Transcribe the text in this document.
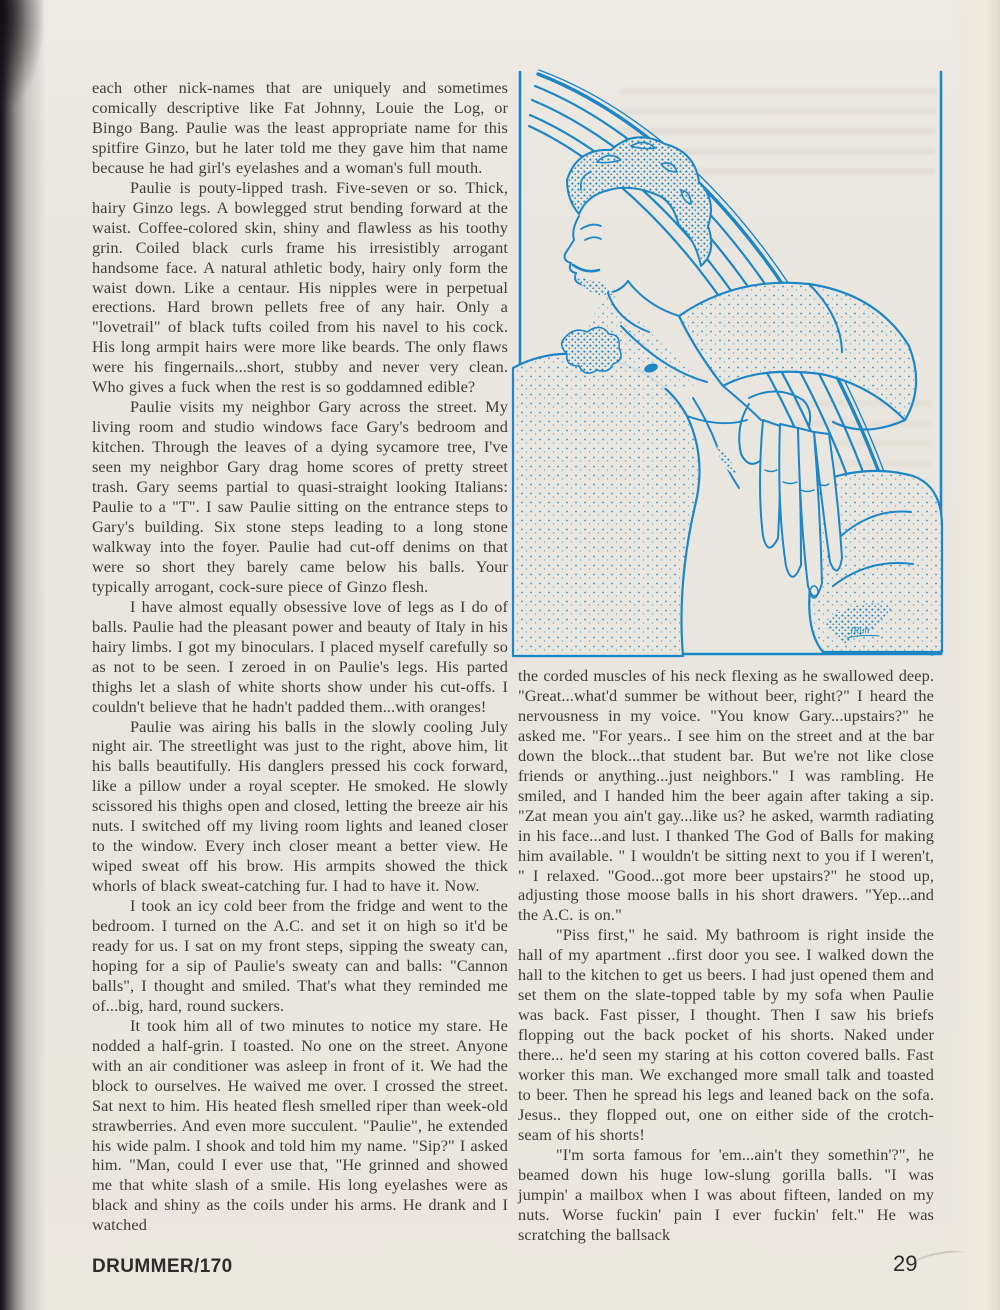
each other nick-names that are uniquely and sometimes comically descriptive like Fat Johnny, Louie the Log, or Bingo Bang. Paulie was the least appropriate name for this spitfire Ginzo, but he later told me they gave him that name because he had girl's eyelashes and a woman's full mouth.

Paulie is pouty-lipped trash. Five-seven or so. Thick, hairy Ginzo legs. A bowlegged strut bending forward at the waist. Coffee-colored skin, shiny and flawless as his toothy grin. Coiled black curls frame his irresistibly arrogant handsome face. A natural athletic body, hairy only form the waist down. Like a centaur. His nipples were in perpetual erections. Hard brown pellets free of any hair. Only a "lovetrail" of black tufts coiled from his navel to his cock. His long armpit hairs were more like beards. The only flaws were his fingernails...short, stubby and never very clean. Who gives a fuck when the rest is so goddamned edible?

Paulie visits my neighbor Gary across the street. My living room and studio windows face Gary's bedroom and kitchen. Through the leaves of a dying sycamore tree, I've seen my neighbor Gary drag home scores of pretty street trash. Gary seems partial to quasi-straight looking Italians: Paulie to a "T". I saw Paulie sitting on the entrance steps to Gary's building. Six stone steps leading to a long stone walkway into the foyer. Paulie had cut-off denims on that were so short they barely came below his balls. Your typically arrogant, cock-sure piece of Ginzo flesh.

I have almost equally obsessive love of legs as I do of balls. Paulie had the pleasant power and beauty of Italy in his hairy limbs. I got my binoculars. I placed myself carefully so as not to be seen. I zeroed in on Paulie's legs. His parted thighs let a slash of white shorts show under his cut-offs. I couldn't believe that he hadn't padded them...with oranges!

Paulie was airing his balls in the slowly cooling July night air. The streetlight was just to the right, above him, lit his balls beautifully. His danglers pressed his cock forward, like a pillow under a royal scepter. He smoked. He slowly scissored his thighs open and closed, letting the breeze air his nuts. I switched off my living room lights and leaned closer to the window. Every inch closer meant a better view. He wiped sweat off his brow. His armpits showed the thick whorls of black sweat-catching fur. I had to have it. Now.

I took an icy cold beer from the fridge and went to the bedroom. I turned on the A.C. and set it on high so it'd be ready for us. I sat on my front steps, sipping the sweaty can, hoping for a sip of Paulie's sweaty can and balls: "Cannon balls", I thought and smiled. That's what they reminded me of...big, hard, round suckers.

It took him all of two minutes to notice my stare. He nodded a half-grin. I toasted. No one on the street. Anyone with an air conditioner was asleep in front of it. We had the block to ourselves. He waived me over. I crossed the street. Sat next to him. His heated flesh smelled riper than week-old strawberries. And even more succulent. "Paulie", he extended his wide palm. I shook and told him my name. "Sip?" I asked him. "Man, could I ever use that, "He grinned and showed me that white slash of a smile. His long eyelashes were as black and shiny as the coils under his arms. He drank and I watched

JRun

the corded muscles of his neck flexing as he swallowed deep. "Great...what'd summer be without beer, right?" I heard the nervousness in my voice. "You know Gary...upstairs?" he asked me. "For years.. I see him on the street and at the bar down the block...that student bar. But we're not like close friends or anything...just neighbors." I was rambling. He smiled, and I handed him the beer again after taking a sip. "Zat mean you ain't gay...like us? he asked, warmth radiating in his face...and lust. I thanked The God of Balls for making him available. " I wouldn't be sitting next to you if I weren't, " I relaxed. "Good...got more beer upstairs?" he stood up, adjusting those moose balls in his short drawers. "Yep...and the A.C. is on."

"Piss first," he said. My bathroom is right inside the hall of my apartment ..first door you see. I walked down the hall to the kitchen to get us beers. I had just opened them and set them on the slate-topped table by my sofa when Paulie was back. Fast pisser, I thought. Then I saw his briefs flopping out the back pocket of his shorts. Naked under there... he'd seen my staring at his cotton covered balls. Fast worker this man. We exchanged more small talk and toasted to beer. Then he spread his legs and leaned back on the sofa. Jesus.. they flopped out, one on either side of the crotch-seam of his shorts!

"I'm sorta famous for 'em...ain't they somethin'?", he beamed down his huge low-slung gorilla balls. "I was jumpin' a mailbox when I was about fifteen, landed on my nuts. Worse fuckin' pain I ever fuckin' felt." He was scratching the ballsack

DRUMMER/170	29
